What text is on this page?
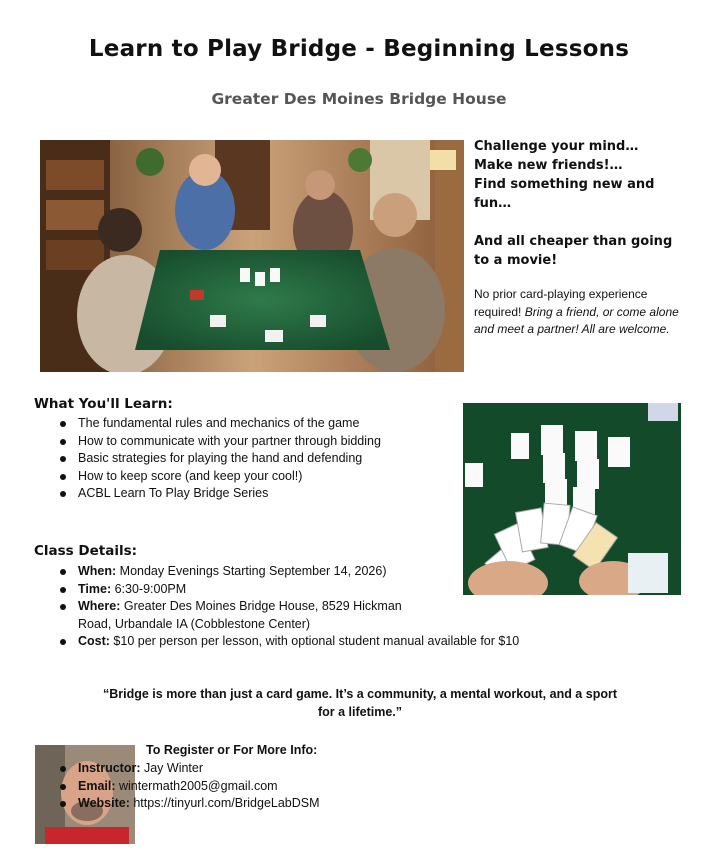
Learn to Play Bridge - Beginning Lessons
Greater Des Moines Bridge House
Challenge your mind…
Make new friends!…
Find something new and fun…
And all cheaper than going to a movie!
No prior card-playing experience required! Bring a friend, or come alone and meet a partner! All are welcome.
What You'll Learn:
The fundamental rules and mechanics of the game
How to communicate with your partner through bidding
Basic strategies for playing the hand and defending
How to keep score (and keep your cool!)
ACBL Learn To Play Bridge Series
Class Details:
When: Monday Evenings Starting September 14, 2026)
Time: 6:30-9:00PM
Where: Greater Des Moines Bridge House, 8529 Hickman Road, Urbandale IA (Cobblestone Center)
Cost: $10 per person per lesson, with optional student manual available for $10
“Bridge is more than just a card game. It’s a community, a mental workout, and a sport for a lifetime.”
To Register or For More Info:
Instructor: Jay Winter
Email: wintermath2005@gmail.com
Website: https://tinyurl.com/BridgeLabDSM
